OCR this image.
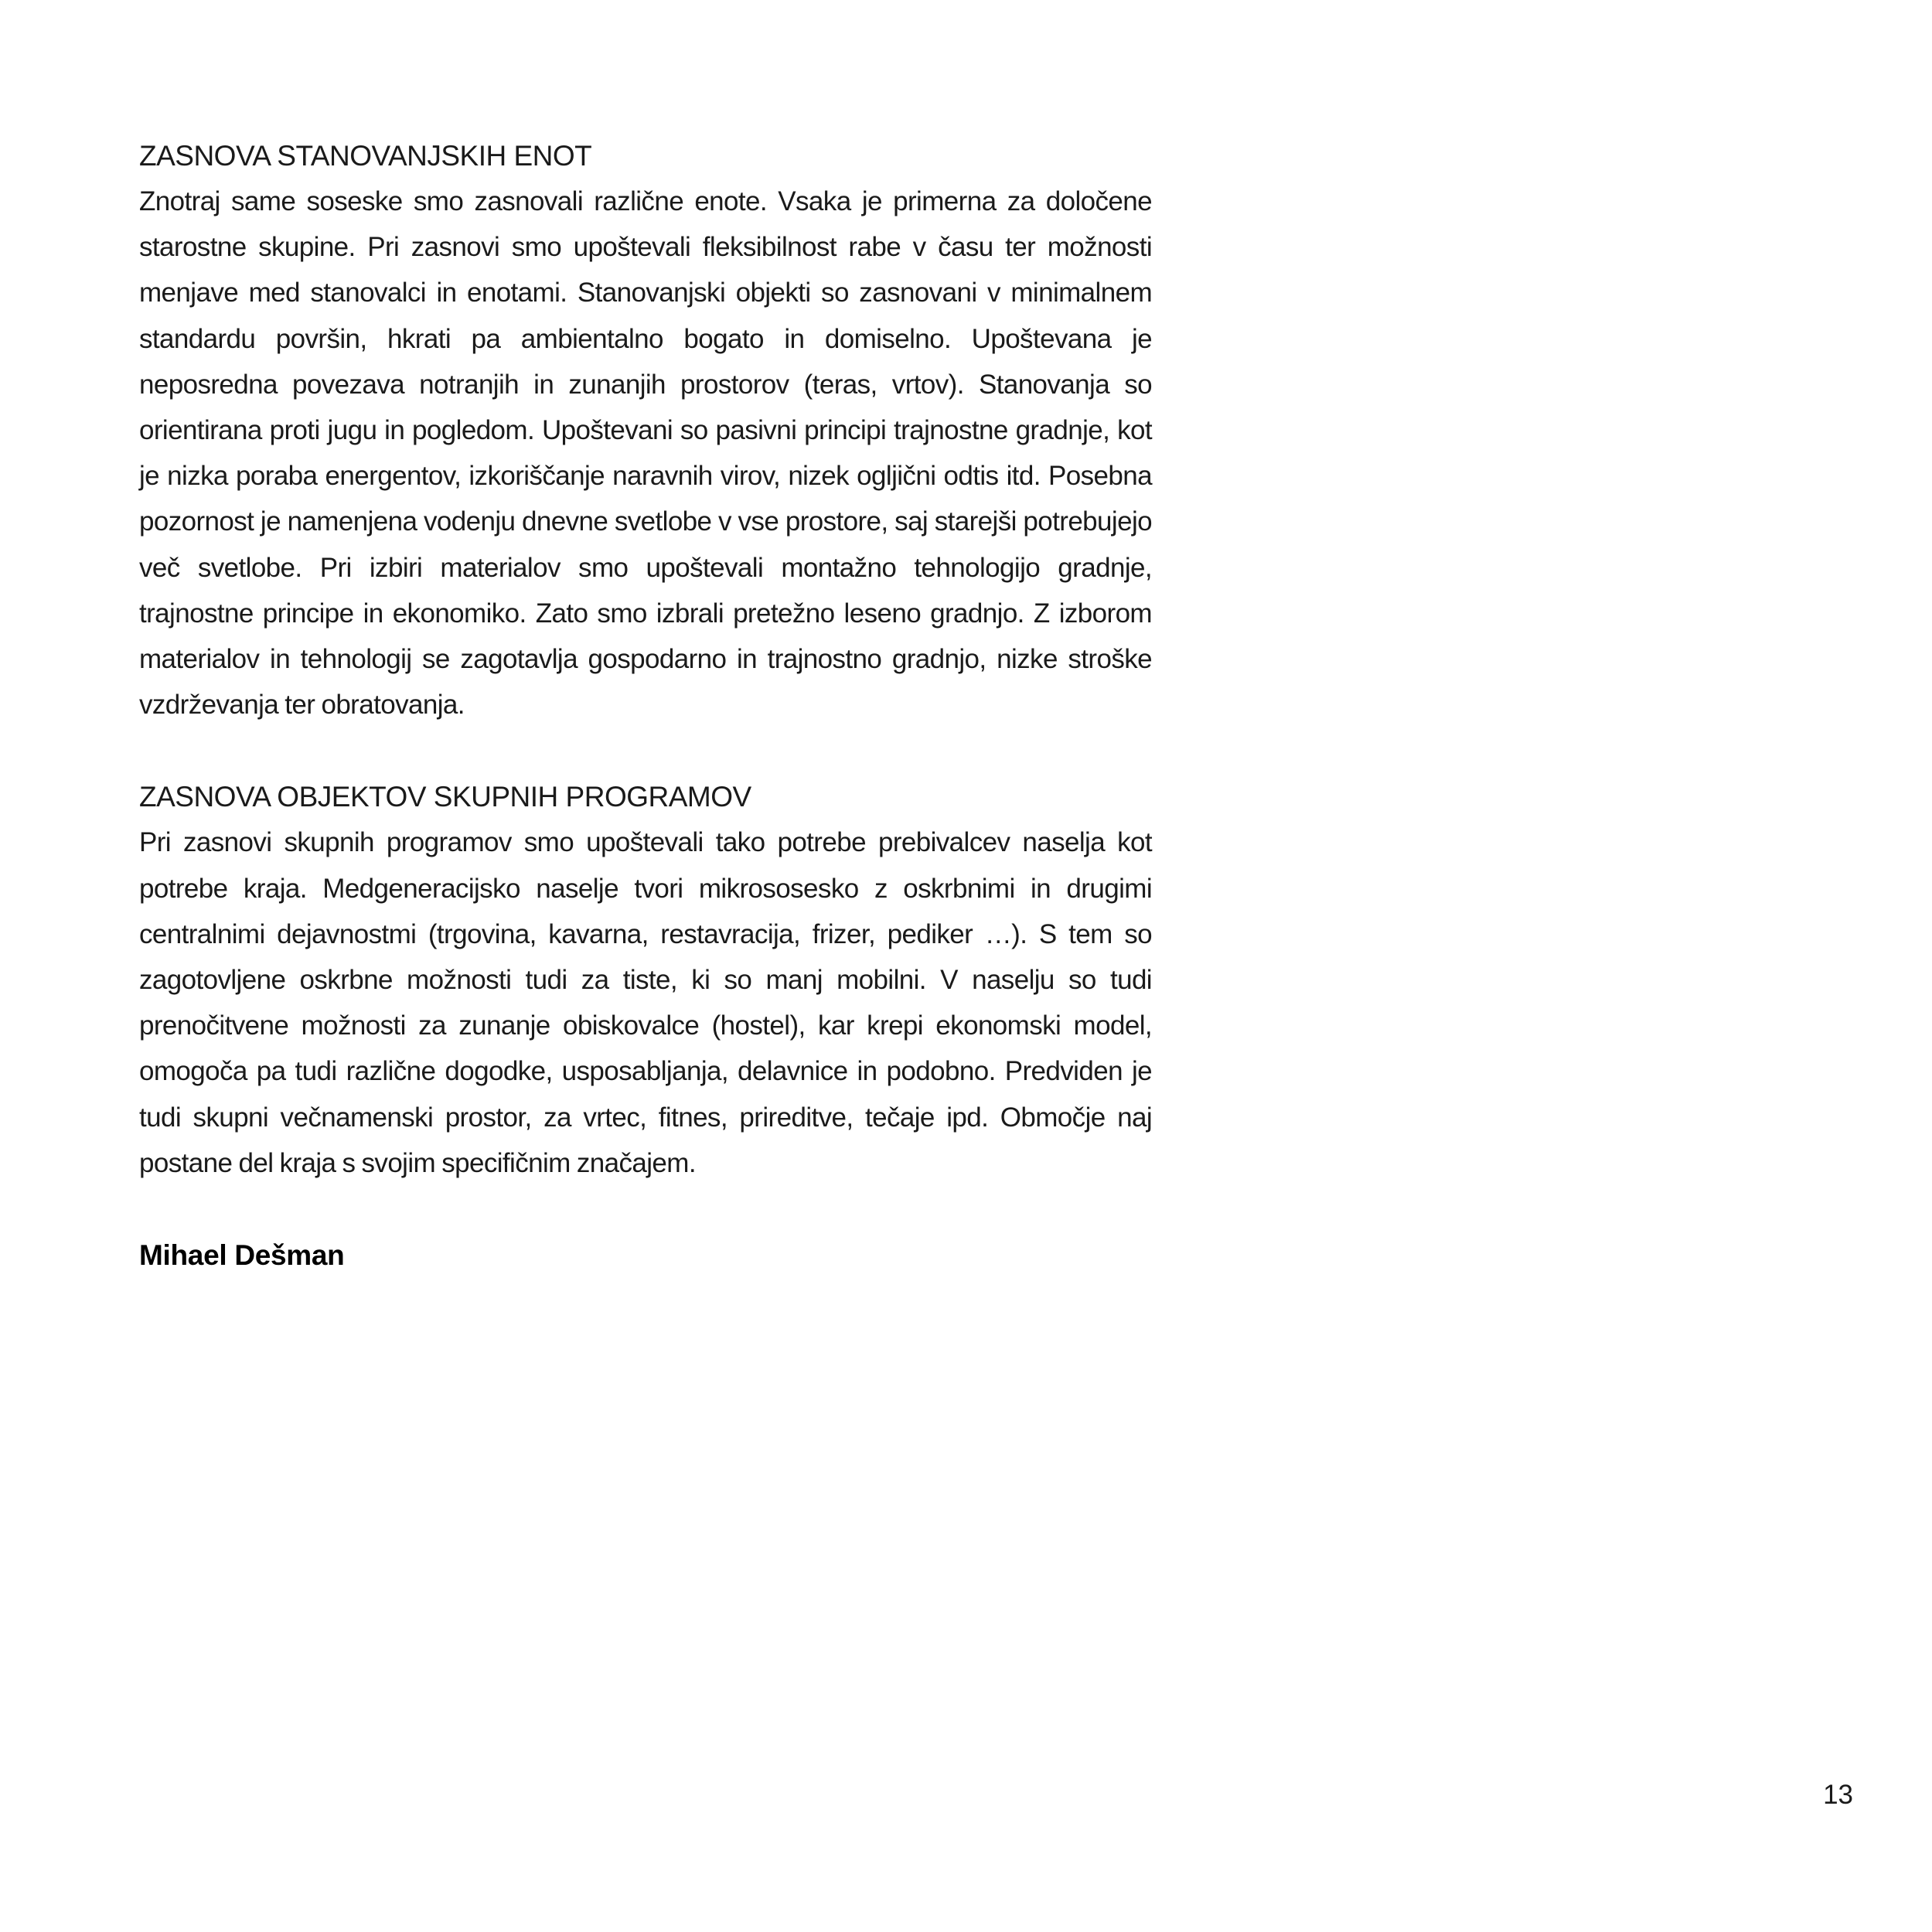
ZASNOVA STANOVANJSKIH ENOT

Znotraj same soseske smo zasnovali različne enote. Vsaka je primerna za določene starostne skupine. Pri zasnovi smo upoštevali fleksibilnost rabe v času ter možnosti menjave med stanovalci in enotami. Stanovanjski objekti so zasnovani v minimalnem standardu površin, hkrati pa ambientalno bogato in domiselno. Upoštevana je neposredna povezava notranjih in zunanjih prostorov (teras, vrtov). Stanovanja so orientirana proti jugu in pogledom. Upoštevani so pasivni principi trajnostne gradnje, kot je nizka poraba energentov, izkoriščanje naravnih virov, nizek ogljični odtis itd. Posebna pozornost je namenjena vodenju dnevne svetlobe v vse prostore, saj starejši potrebujejo več svetlobe. Pri izbiri materialov smo upoštevali montažno tehnologijo gradnje, trajnostne principe in ekonomiko. Zato smo izbrali pretežno leseno gradnjo. Z izborom materialov in tehnologij se zagotavlja gospodarno in trajnostno gradnjo, nizke stroške vzdrževanja ter obratovanja.

ZASNOVA OBJEKTOV SKUPNIH PROGRAMOV

Pri zasnovi skupnih programov smo upoštevali tako potrebe prebivalcev naselja kot potrebe kraja. Medgeneracijsko naselje tvori mikrososesko z oskrbnimi in drugimi centralnimi dejavnostmi (trgovina, kavarna, restavracija, frizer, pediker …). S tem so zagotovljene oskrbne možnosti tudi za tiste, ki so manj mobilni. V naselju so tudi prenočitvene možnosti za zunanje obiskovalce (hostel), kar krepi ekonomski model, omogoča pa tudi različne dogodke, usposabljanja, delavnice in podobno. Predviden je tudi skupni večnamenski prostor, za vrtec, fitnes, prireditve, tečaje ipd. Območje naj postane del kraja s svojim specifičnim značajem.

Mihael Dešman
13
